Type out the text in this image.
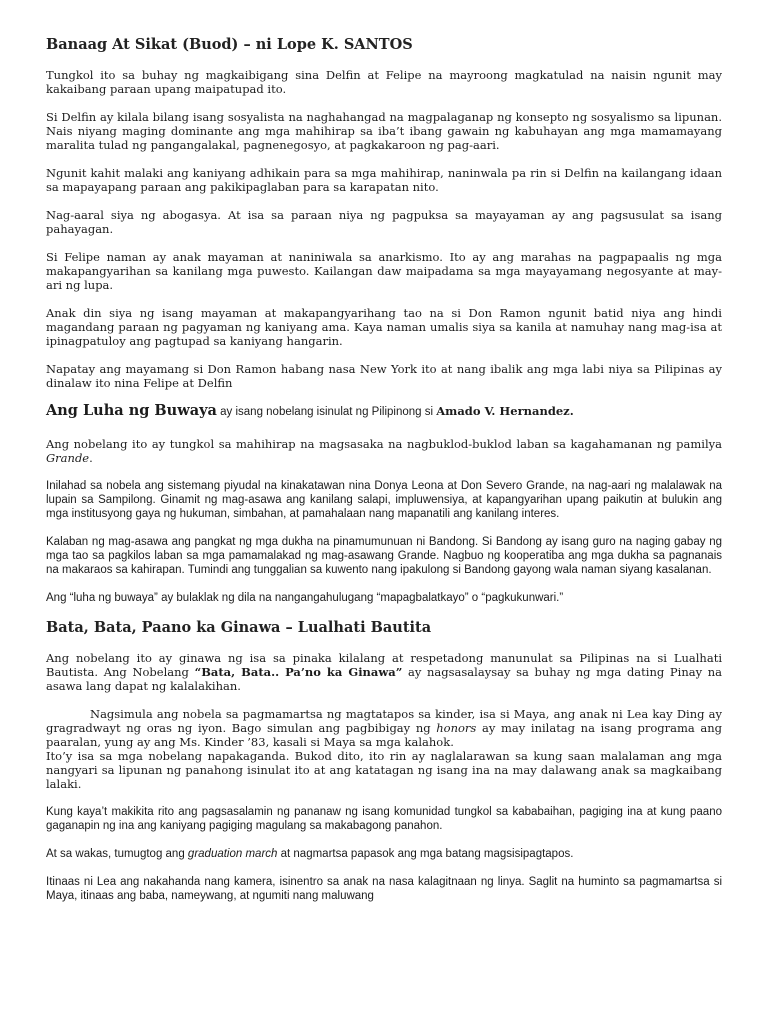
Banaag At Sikat (Buod) – ni Lope K. SANTOS

Tungkol ito sa buhay ng magkaibigang sina Delfin at Felipe na mayroong magkatulad na naisin ngunit may kakaibang paraan upang maipatupad ito.

Si Delfin ay kilala bilang isang sosyalista na naghahangad na magpalaganap ng konsepto ng sosyalismo sa lipunan. Nais niyang maging dominante ang mga mahihirap sa iba’t ibang gawain ng kabuhayan ang mga mamamayang maralita tulad ng pangangalakal, pagnenegosyo, at pagkakaroon ng pag-aari.

Ngunit kahit malaki ang kaniyang adhikain para sa mga mahihirap, naninwala pa rin si Delfin na kailangang idaan sa mapayapang paraan ang pakikipaglaban para sa karapatan nito.

Nag-aaral siya ng abogasya. At isa sa paraan niya ng pagpuksa sa mayayaman ay ang pagsusulat sa isang pahayagan.

Si Felipe naman ay anak mayaman at naniniwala sa anarkismo. Ito ay ang marahas na pagpapaalis ng mga makapangyarihan sa kanilang mga puwesto. Kailangan daw maipadama sa mga mayayamang negosyante at may-ari ng lupa.

Anak din siya ng isang mayaman at makapangyarihang tao na si Don Ramon ngunit batid niya ang hindi magandang paraan ng pagyaman ng kaniyang ama. Kaya naman umalis siya sa kanila at namuhay nang mag-isa at ipinagpatuloy ang pagtupad sa kaniyang hangarin.

Napatay ang mayamang si Don Ramon habang nasa New York ito at nang ibalik ang mga labi niya sa Pilipinas ay dinalaw ito nina Felipe at Delfin

Ang Luha ng Buwaya ay isang nobelang isinulat ng Pilipinong si Amado V. Hernandez.

Ang nobelang ito ay tungkol sa mahihirap na magsasaka na nagbuklod-buklod laban sa kagahamanan ng pamilya Grande.

Inilahad sa nobela ang sistemang piyudal na kinakatawan nina Donya Leona at Don Severo Grande, na nag-aari ng malalawak na lupain sa Sampilong. Ginamit ng mag-asawa ang kanilang salapi, impluwensiya, at kapangyarihan upang paikutin at bulukin ang mga institusyong gaya ng hukuman, simbahan, at pamahalaan nang mapanatili ang kanilang interes.

Kalaban ng mag-asawa ang pangkat ng mga dukha na pinamumunuan ni Bandong. Si Bandong ay isang guro na naging gabay ng mga tao sa pagkilos laban sa mga pamamalakad ng mag-asawang Grande. Nagbuo ng kooperatiba ang mga dukha sa pagnanais na makaraos sa kahirapan. Tumindi ang tunggalian sa kuwento nang ipakulong si Bandong gayong wala naman siyang kasalanan.

Ang “luha ng buwaya” ay bulaklak ng dila na nangangahulugang “mapagbalatkayo” o “pagkukunwari.”

Bata, Bata, Paano ka Ginawa – Lualhati Bautita

Ang nobelang ito ay ginawa ng isa sa pinaka kilalang at respetadong manunulat sa Pilipinas na si Lualhati Bautista. Ang Nobelang “Bata, Bata.. Pa’no ka Ginawa” ay nagsasalaysay sa buhay ng mga dating Pinay na asawa lang dapat ng kalalakihan.

Nagsimula ang nobela sa pagmamartsa ng magtatapos sa kinder, isa si Maya, ang anak ni Lea kay Ding ay gragradwayt ng oras ng iyon. Bago simulan ang pagbibigay ng honors ay may inilatag na isang programa ang paaralan, yung ay ang Ms. Kinder ’83, kasali si Maya sa mga kalahok.

Ito’y isa sa mga nobelang napakaganda. Bukod dito, ito rin ay naglalarawan sa kung saan malalaman ang mga nangyari sa lipunan ng panahong isinulat ito at ang katatagan ng isang ina na may dalawang anak sa magkaibang lalaki.

Kung kaya’t makikita rito ang pagsasalamin ng pananaw ng isang komunidad tungkol sa kababaihan, pagiging ina at kung paano gaganapin ng ina ang kaniyang pagiging magulang sa makabagong panahon.

At sa wakas, tumugtog ang graduation march at nagmartsa papasok ang mga batang magsisipagtapos.

Itinaas ni Lea ang nakahanda nang kamera, isinentro sa anak na nasa kalagitnaan ng linya. Saglit na huminto sa pagmamartsa si Maya, itinaas ang baba, nameywang, at ngumiti nang maluwang
